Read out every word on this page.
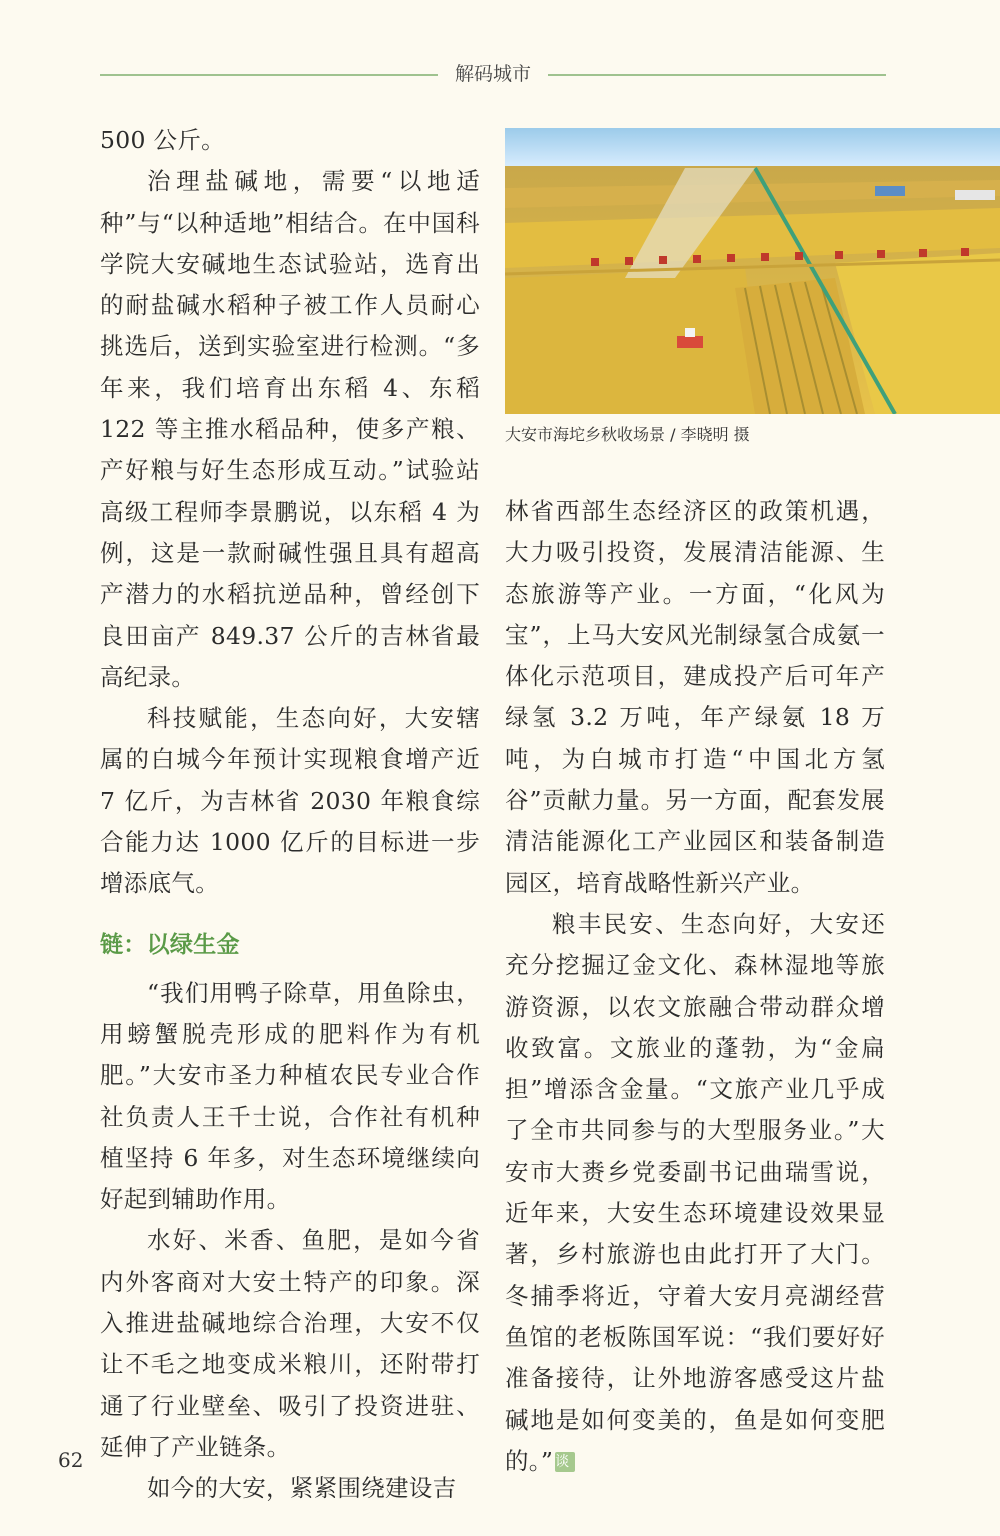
解码城市

500 公斤。

治理盐碱地，需要“以地适种”与“以种适地”相结合。在中国科学院大安碱地生态试验站，选育出的耐盐碱水稻种子被工作人员耐心挑选后，送到实验室进行检测。“多年来，我们培育出东稻 4、东稻 122 等主推水稻品种，使多产粮、产好粮与好生态形成互动。”试验站高级工程师李景鹏说，以东稻 4 为例，这是一款耐碱性强且具有超高产潜力的水稻抗逆品种，曾经创下良田亩产 849.37 公斤的吉林省最高纪录。

科技赋能，生态向好，大安辖属的白城今年预计实现粮食增产近 7 亿斤，为吉林省 2030 年粮食综合能力达 1000 亿斤的目标进一步增添底气。

链：以绿生金

“我们用鸭子除草，用鱼除虫，用螃蟹脱壳形成的肥料作为有机肥。”大安市圣力种植农民专业合作社负责人王千士说，合作社有机种植坚持 6 年多，对生态环境继续向好起到辅助作用。

水好、米香、鱼肥，是如今省内外客商对大安土特产的印象。深入推进盐碱地综合治理，大安不仅让不毛之地变成米粮川，还附带打通了行业壁垒、吸引了投资进驻、延伸了产业链条。

如今的大安，紧紧围绕建设吉

大安市海坨乡秋收场景 / 李晓明 摄

林省西部生态经济区的政策机遇，大力吸引投资，发展清洁能源、生态旅游等产业。一方面，“化风为宝”，上马大安风光制绿氢合成氨一体化示范项目，建成投产后可年产绿氢 3.2 万吨，年产绿氨 18 万吨，为白城市打造“中国北方氢谷”贡献力量。另一方面，配套发展清洁能源化工产业园区和装备制造园区，培育战略性新兴产业。

粮丰民安、生态向好，大安还充分挖掘辽金文化、森林湿地等旅游资源，以农文旅融合带动群众增收致富。文旅业的蓬勃，为“金扁担”增添含金量。“文旅产业几乎成了全市共同参与的大型服务业。”大安市大赉乡党委副书记曲瑞雪说，近年来，大安生态环境建设效果显著，乡村旅游也由此打开了大门。冬捕季将近，守着大安月亮湖经营鱼馆的老板陈国军说：“我们要好好准备接待，让外地游客感受这片盐碱地是如何变美的，鱼是如何变肥的。” 谈

62
